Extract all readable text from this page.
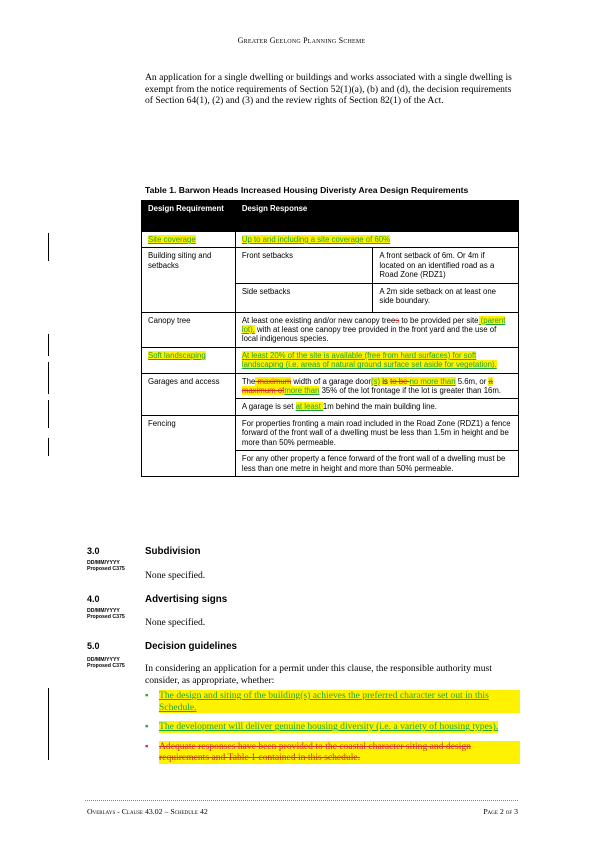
Greater Geelong Planning Scheme
An application for a single dwelling or buildings and works associated with a single dwelling is exempt from the notice requirements of Section 52(1)(a), (b) and (d), the decision requirements of Section 64(1), (2) and (3) and the review rights of Section 82(1) of the Act.
Table 1. Barwon Heads Increased Housing Diveristy Area Design Requirements
Design Requirement	Design Response	
Site coverage	Up to and including a site coverage of 60%	
Building siting and setbacks	Front setbacks	A front setback of 6m. Or 4m if located on an identified road as a Road Zone (RDZ1)
	Side setbacks	A 2m side setback on at least one side boundary.
Canopy tree	At least one existing and/or new canopy trees to be provided per site (parent lot), with at least one canopy tree provided in the front yard and the use of local indigenous species.	
Soft landscaping	At least 20% of the site is available (free from hard surfaces) for soft landscaping (i.e. areas of natural ground surface set aside for vegetation).	
Garages and access	The maximum width of a garage door(s) is to be no more than 5.6m, or a maximum ofmore than 35% of the lot frontage if the lot is greater than 16m.	
	A garage is set at least 1m behind the main building line.	
Fencing	For properties fronting a main road included in the Road Zone (RDZ1) a fence forward of the front wall of a dwelling must be less than 1.5m in height and be more than 50% permeable.	
	For any other property a fence forward of the front wall of a dwelling must be less than one metre in height and more than 50% permeable.	
3.0	Subdivision
DD/MM/YYYY
Proposed C375
None specified.
4.0	Advertising signs
DD/MM/YYYY
Proposed C375 None specified.
5.0	Decision guidelines
DD/MM/YYYY
Proposed C375 In considering an application for a permit under this clause, the responsible authority must consider, as appropriate, whether:
▪	The design and siting of the building(s) achieves the preferred character set out in this Schedule.
▪	The development will deliver genuine housing diversity (i.e. a variety of housing types).
▪	Adequate responses have been provided to the coastal character siting and design requirements and Table 1 contained in this schedule.
Overlays - Clause 43.02 – Schedule 42	Page 2 of 3
